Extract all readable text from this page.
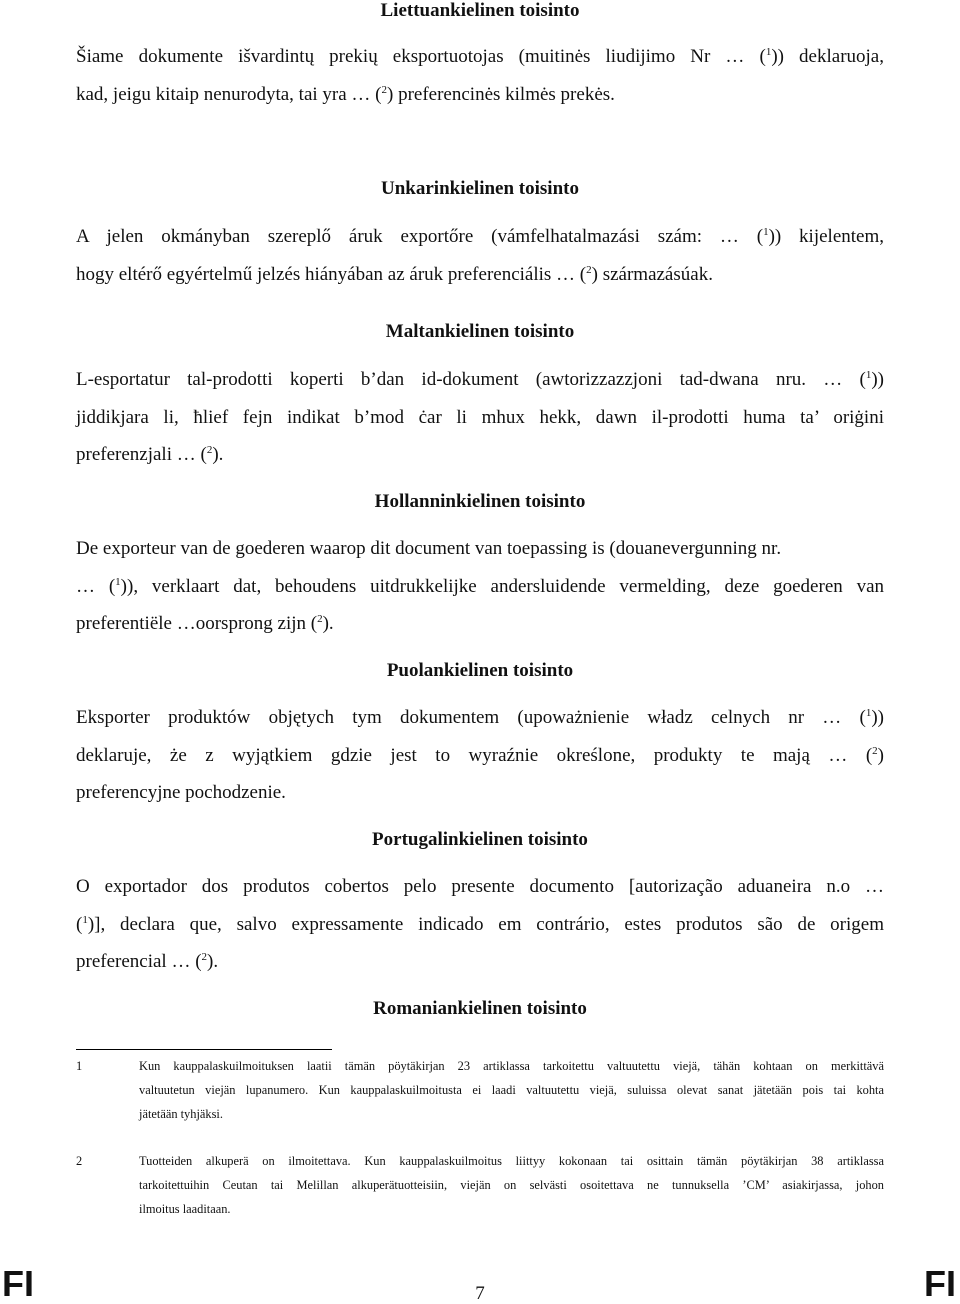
Liettuankielinen toisinto
Šiame dokumente išvardintų prekių eksportuotojas (muitinės liudijimo Nr … ($^1$)) deklaruoja,
kad, jeigu kitaip nenurodyta, tai yra … ($^2$) preferencinės kilmės prekės.
Unkarinkielinen toisinto
A jelen okmányban szereplő áruk exportőre (vámfelhatalmazási szám: … ($^1$)) kijelentem,
hogy eltérő egyértelmű jelzés hiányában az áruk preferenciális … ($^2$) származásúak.
Maltankielinen toisinto
L-esportatur tal-prodotti koperti b’dan id-dokument (awtorizzazzjoni tad-dwana nru. … ($^1$))
jiddikjara li, ħlief fejn indikat b’mod ċar li mhux hekk, dawn il-prodotti huma ta’ oriġini
preferenzjali … ($^2$).
Hollanninkielinen toisinto
De exporteur van de goederen waarop dit document van toepassing is (douanevergunning nr.
… ($^1$)), verklaart dat, behoudens uitdrukkelijke andersluidende vermelding, deze goederen van
preferentiële …oorsprong zijn ($^2$).
Puolankielinen toisinto
Eksporter produktów objętych tym dokumentem (upoważnienie władz celnych nr … ($^1$))
deklaruje, że z wyjątkiem gdzie jest to wyraźnie określone, produkty te mają … ($^2$)
preferencyjne pochodzenie.
Portugalinkielinen toisinto
O exportador dos produtos cobertos pelo presente documento [autorização aduaneira n.o …
($^1$)], declara que, salvo expressamente indicado em contrário, estes produtos são de origem
preferencial … ($^2$).
Romaniankielinen toisinto
1	Kun kauppalaskuilmoituksen laatii tämän pöytäkirjan 23 artiklassa tarkoitettu valtuutettu viejä, tähän kohtaan on merkittävä
valtuutetun viejän lupanumero. Kun kauppalaskuilmoitusta ei laadi valtuutettu viejä, suluissa olevat sanat jätetään pois tai kohta
jätetään tyhjäksi.
2	Tuotteiden alkuperä on ilmoitettava. Kun kauppalaskuilmoitus liittyy kokonaan tai osittain tämän pöytäkirjan 38 artiklassa
tarkoitettuihin Ceutan tai Melillan alkuperätuotteisiin, viejän on selvästi osoitettava ne tunnuksella ’CM’ asiakirjassa, johon
ilmoitus laaditaan.
FI	7	FI
